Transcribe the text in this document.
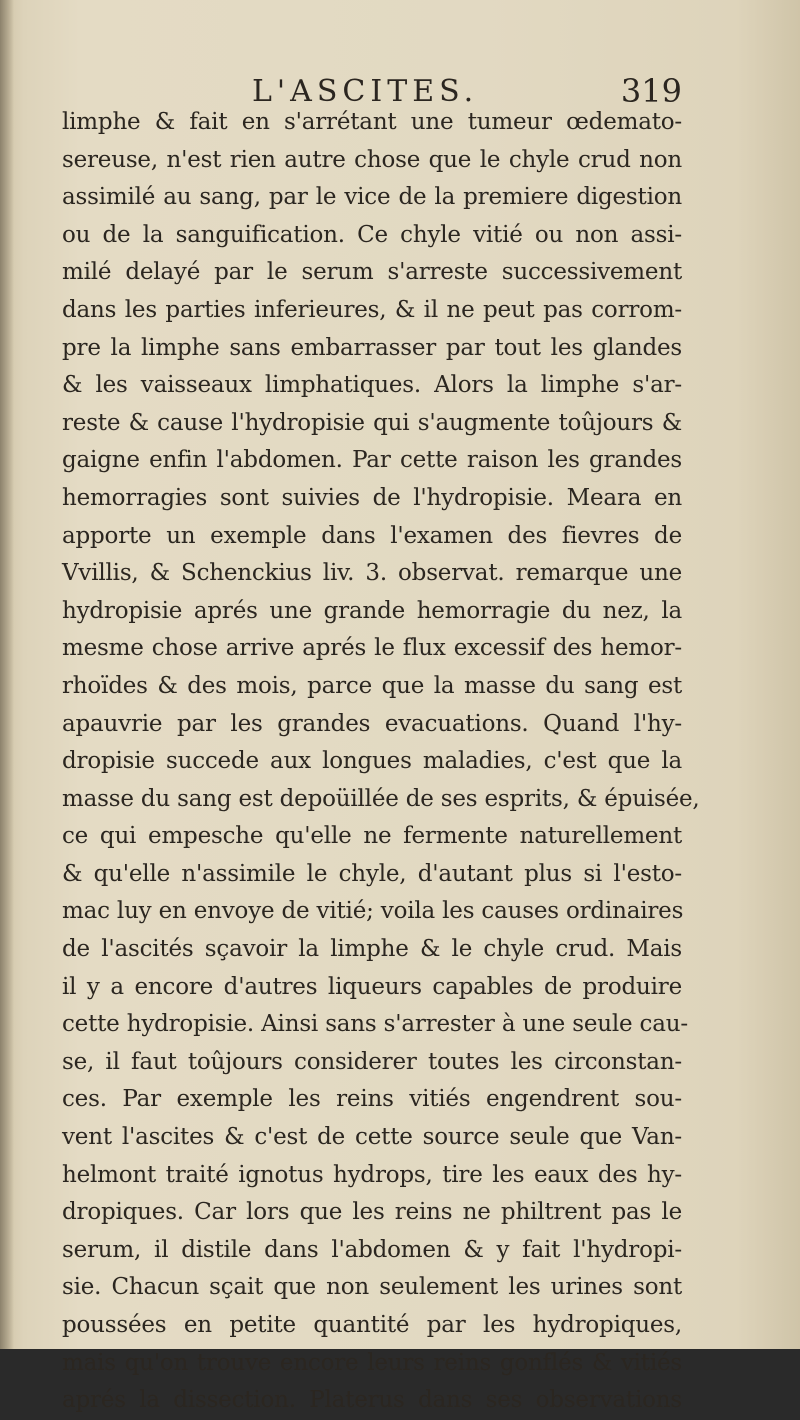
L'ASCITES.	319
limphe & fait en s'arrétant une tumeur œdemato-
sereuse, n'est rien autre chose que le chyle crud non
assimilé au sang, par le vice de la premiere digestion
ou de la sanguification. Ce chyle vitié ou non assi-
milé delayé par le serum s'arreste successivement
dans les parties inferieures, & il ne peut pas corrom-
pre la limphe sans embarrasser par tout les glandes
& les vaisseaux limphatiques. Alors la limphe s'ar-
reste & cause l'hydropisie qui s'augmente toûjours &
gaigne enfin l'abdomen. Par cette raison les grandes
hemorragies sont suivies de l'hydropisie. Meara en
apporte un exemple dans l'examen des fievres de
Vvillis, & Schenckius liv. 3. observat. remarque une
hydropisie aprés une grande hemorragie du nez, la
mesme chose arrive aprés le flux excessif des hemor-
rhoïdes & des mois, parce que la masse du sang est
apauvrie par les grandes evacuations. Quand l'hy-
dropisie succede aux longues maladies, c'est que la
masse du sang est depoüillée de ses esprits, & épuisée,
ce qui empesche qu'elle ne fermente naturellement
& qu'elle n'assimile le chyle, d'autant plus si l'esto-
mac luy en envoye de vitié; voila les causes ordinaires
de l'ascités sçavoir la limphe & le chyle crud. Mais
il y a encore d'autres liqueurs capables de produire
cette hydropisie. Ainsi sans s'arrester à une seule cau-
se, il faut toûjours considerer toutes les circonstan-
ces. Par exemple les reins vitiés engendrent sou-
vent l'ascites & c'est de cette source seule que Van-
helmont traité ignotus hydrops, tire les eaux des hy-
dropiques. Car lors que les reins ne philtrent pas le
serum, il distile dans l'abdomen & y fait l'hydropi-
sie. Chacun sçait que non seulement les urines sont
poussées en petite quantité par les hydropiques,
mais qu'on trouve encore leurs reins gonflés & vitiés
aprés la dissection. Platerus dans ses observations
